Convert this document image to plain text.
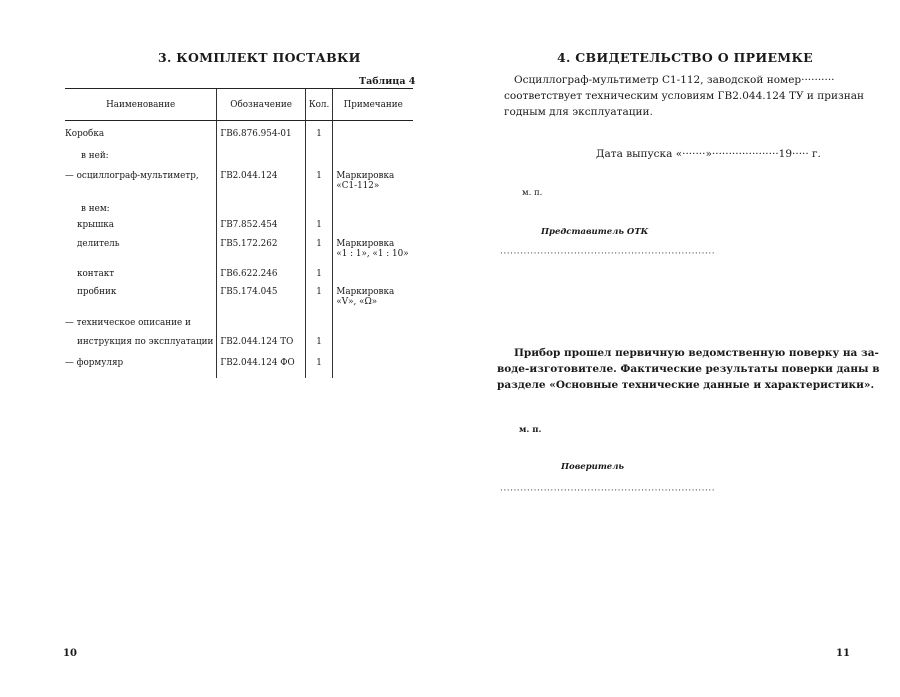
3. КОМПЛЕКТ ПОСТАВКИ
Таблица 4
Наименование	Обозначение	Кол.	Примечание
Коробка	ГВ6.876.954-01	1	
в ней:			
— осциллограф-мультиметр,	ГВ2.044.124	1	Маркировка
«С1-112»

в нем:			
крышка	ГВ7.852.454	1	
делитель	ГВ5.172.262	1	Маркировка
«1 : 1», «1 : 10»

контакт	ГВ6.622.246	1	
пробник	ГВ5.174.045	1	Маркировка
«V», «Ω»

— техническое описание и			
инструкция по эксплуатации	ГВ2.044.124 ТО	1	
— формуляр	ГВ2.044.124 ФО	1	
10
4. СВИДЕТЕЛЬСТВО О ПРИЕМКЕ
Осциллограф-мультиметр С1-112, заводской номер··········
соответствует техническим условиям ГВ2.044.124 ТУ и признан
годным для эксплуатации.
Дата выпуска «·······»····················19····· г.
м. п.
Представитель ОТК
································································
Прибор прошел первичную ведомственную поверку на за-
воде-изготовителе. Фактические результаты поверки даны в
разделе «Основные технические данные и характеристики».
м. п.
Поверитель
································································
11
